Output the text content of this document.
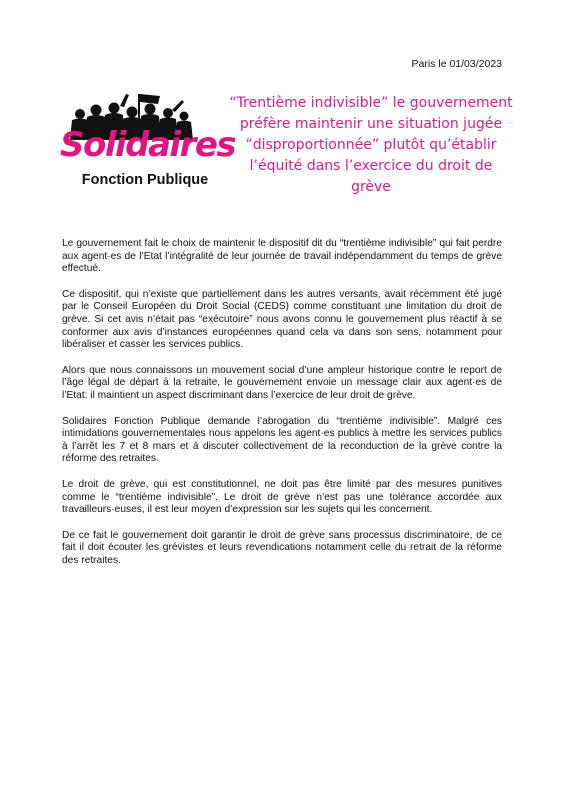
Paris le 01/03/2023
Solidaires
Fonction Publique
“Trentième indivisible” le gouvernement préfère maintenir une situation jugée “disproportionnée” plutôt qu’établir l’équité dans l’exercice du droit de grève

Le gouvernement fait le choix de maintenir le dispositif dit du “trentième indivisible” qui fait perdre aux agent·es de l’Etat l’intégralité de leur journée de travail indépendamment du temps de grève effectué.

Ce dispositif, qui n’existe que partiellement dans les autres versants, avait récemment été jugé par le Conseil Européen du Droit Social (CEDS) comme constituant une limitation du droit de grève. Si cet avis n’était pas “exécutoire” nous avons connu le gouvernement plus réactif à se conformer aux avis d’instances européennes quand cela va dans son sens, notamment pour libéraliser et casser les services publics.

Alors que nous connaissons un mouvement social d’une ampleur historique contre le report de l’âge légal de départ à la retraite, le gouvernement envoie un message clair aux agent·es de l’Etat: il maintient un aspect discriminant dans l’exercice de leur droit de grève.

Solidaires Fonction Publique demande l’abrogation du “trentième indivisible”. Malgré ces intimidations gouvernementales nous appelons les agent·es publics à mettre les services publics à l’arrêt les 7 et 8 mars et à discuter collectivement de la reconduction de la grève contre la réforme des retraites.

Le droit de grève, qui est constitutionnel, ne doit pas être limité par des mesures punitives comme le “trentième indivisible”. Le droit de grève n’est pas une tolérance accordée aux travailleurs·euses, il est leur moyen d’expression sur les sujets qui les concernent.

De ce fait le gouvernement doit garantir le droit de grève sans processus discriminatoire, de ce fait il doit écouter les grévistes et leurs revendications notamment celle du retrait de la réforme des retraites.
